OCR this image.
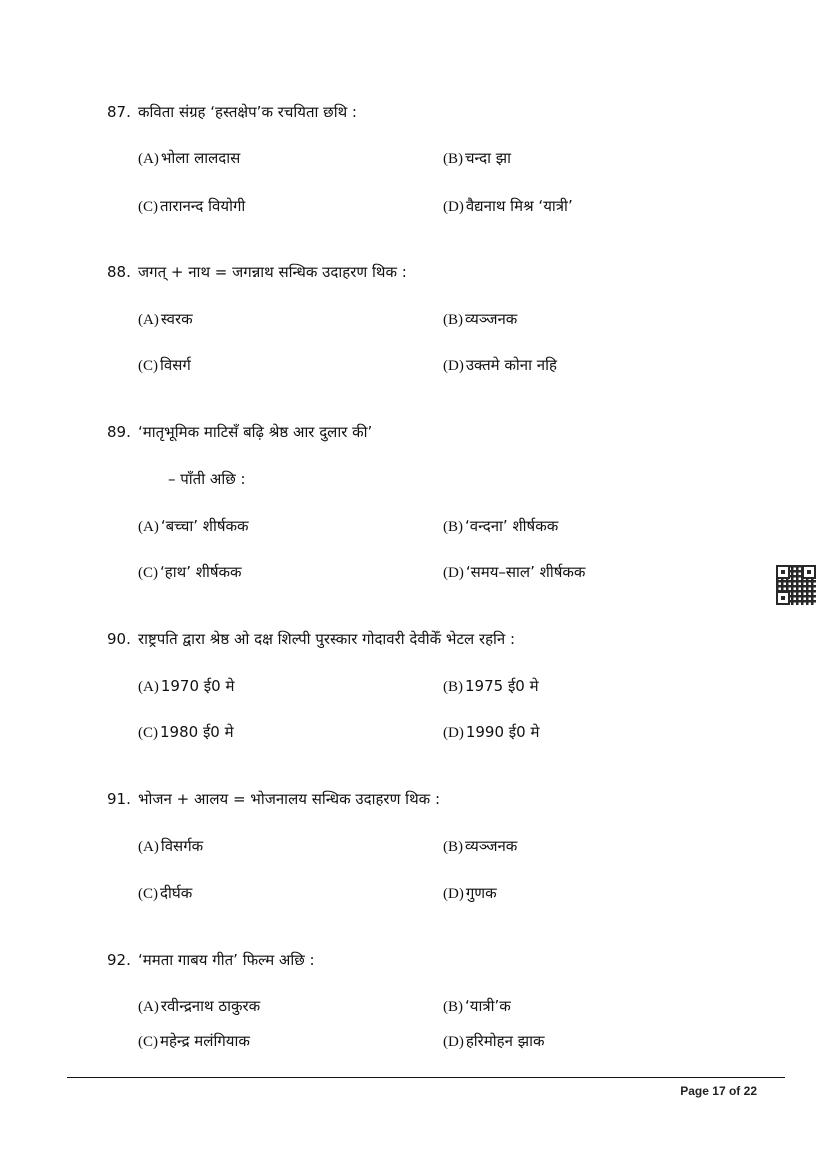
87. कविता संग्रह ‘हस्तक्षेप’क रचयिता छथि :
(A) भोला लालदास	(B) चन्दा झा
(C) तारानन्द वियोगी	(D) वैद्यनाथ मिश्र ‘यात्री’
88. जगत् + नाथ = जगन्नाथ सन्धिक उदाहरण थिक :
(A) स्वरक	(B) व्यञ्जनक
(C) विसर्ग	(D) उक्तमे कोना नहि
89. ‘मातृभूमिक माटिसँ बढ़ि श्रेष्ठ आर दुलार की’
– पाँती अछि :
(A) ‘बच्चा’ शीर्षकक	(B) ‘वन्दना’ शीर्षकक
(C) ‘हाथ’ शीर्षकक	(D) ‘समय–साल’ शीर्षकक
90. राष्ट्रपति द्वारा श्रेष्ठ ओ दक्ष शिल्पी पुरस्कार गोदावरी देवीकेँ भेटल रहनि :
(A) 1970 ई0 मे	(B) 1975 ई0 मे
(C) 1980 ई0 मे	(D) 1990 ई0 मे
91. भोजन + आलय = भोजनालय सन्धिक उदाहरण थिक :
(A) विसर्गक	(B) व्यञ्जनक
(C) दीर्घक	(D) गुणक
92. ‘ममता गाबय गीत’ फिल्म अछि :
(A) रवीन्द्रनाथ ठाकुरक	(B) ‘यात्री’क
(C) महेन्द्र मलंगियाक	(D) हरिमोहन झाक
Page 17 of 22
